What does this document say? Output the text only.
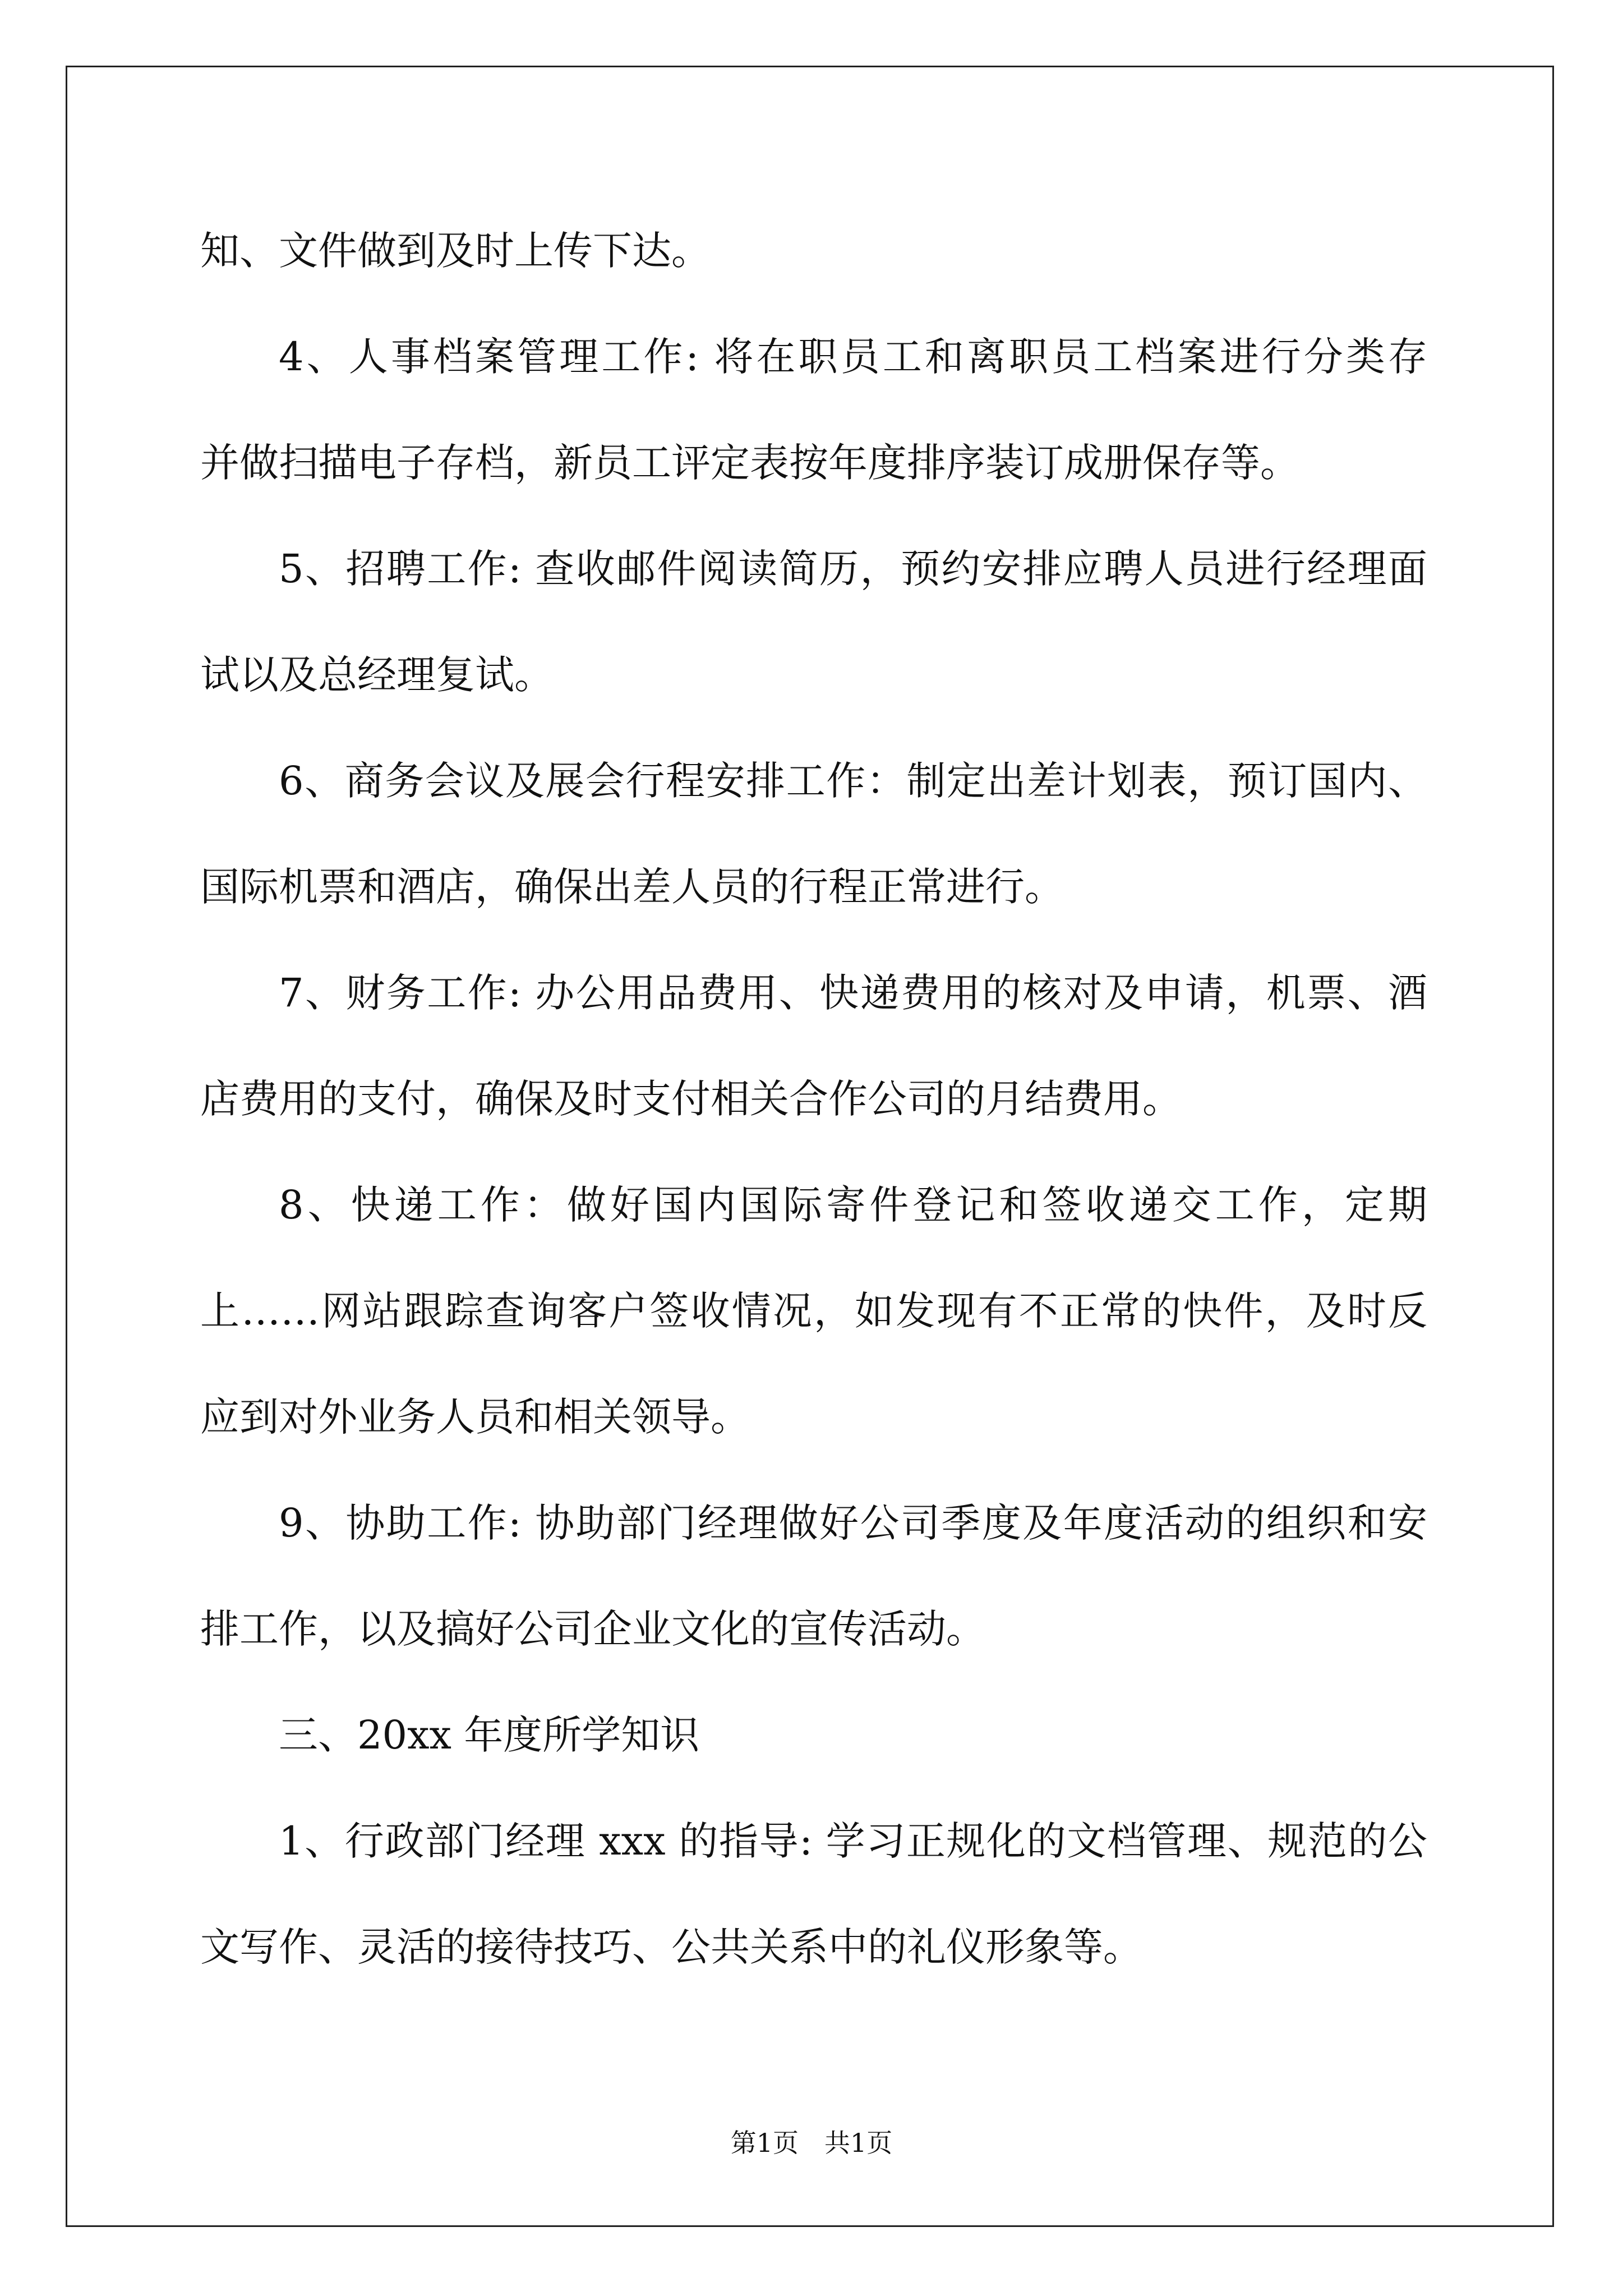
知、文件做到及时上传下达。
4、人事档案管理工作: 将在职员工和离职员工档案进行分类存
并做扫描电子存档，新员工评定表按年度排序装订成册保存等。
5、招聘工作: 查收邮件阅读简历，预约安排应聘人员进行经理面
试以及总经理复试。
6、商务会议及展会行程安排工作：制定出差计划表，预订国内、
国际机票和酒店，确保出差人员的行程正常进行。
7、财务工作: 办公用品费用、快递费用的核对及申请，机票、酒
店费用的支付，确保及时支付相关合作公司的月结费用。
8、快递工作：做好国内国际寄件登记和签收递交工作，定期
上……网站跟踪查询客户签收情况，如发现有不正常的快件，及时反
应到对外业务人员和相关领导。
9、协助工作: 协助部门经理做好公司季度及年度活动的组织和安
排工作，以及搞好公司企业文化的宣传活动。
三、20xx 年度所学知识
1、行政部门经理 xxx 的指导: 学习正规化的文档管理、规范的公
文写作、灵活的接待技巧、公共关系中的礼仪形象等。
第1页 共1页
